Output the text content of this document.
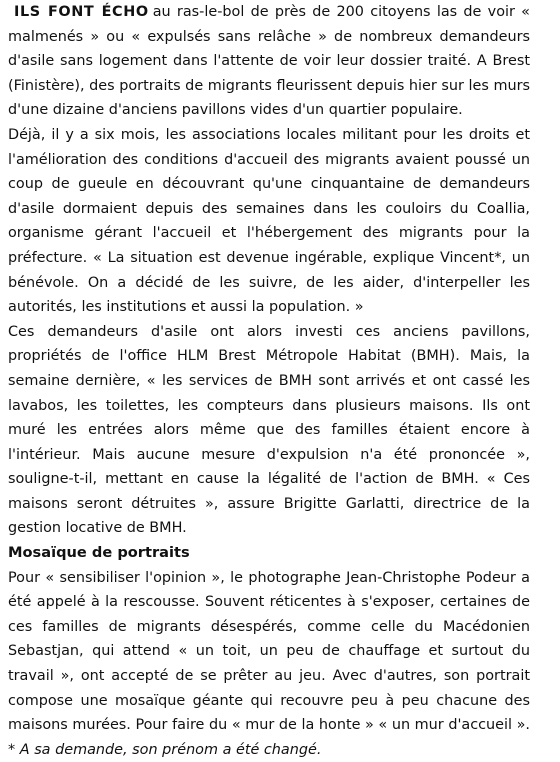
ILS FONT ÉCHO au ras-le-bol de près de 200 citoyens las de voir « malmenés » ou « expulsés sans relâche » de nombreux demandeurs d'asile sans logement dans l'attente de voir leur dossier traité. A Brest (Finistère), des portraits de migrants fleurissent depuis hier sur les murs d'une dizaine d'anciens pavillons vides d'un quartier populaire.

Déjà, il y a six mois, les associations locales militant pour les droits et l'amélioration des conditions d'accueil des migrants avaient poussé un coup de gueule en découvrant qu'une cinquantaine de demandeurs d'asile dormaient depuis des semaines dans les couloirs du Coallia, organisme gérant l'accueil et l'hébergement des migrants pour la préfecture. « La situation est devenue ingérable, explique Vincent*, un bénévole. On a décidé de les suivre, de les aider, d'interpeller les autorités, les institutions et aussi la population. »

Ces demandeurs d'asile ont alors investi ces anciens pavillons, propriétés de l'office HLM Brest Métropole Habitat (BMH). Mais, la semaine dernière, « les services de BMH sont arrivés et ont cassé les lavabos, les toilettes, les compteurs dans plusieurs maisons. Ils ont muré les entrées alors même que des familles étaient encore à l'intérieur. Mais aucune mesure d'expulsion n'a été prononcée », souligne-t-il, mettant en cause la légalité de l'action de BMH. « Ces maisons seront détruites », assure Brigitte Garlatti, directrice de la gestion locative de BMH.

Mosaïque de portraits

Pour « sensibiliser l'opinion », le photographe Jean-Christophe Podeur a été appelé à la rescousse. Souvent réticentes à s'exposer, certaines de ces familles de migrants désespérés, comme celle du Macédonien Sebastjan, qui attend « un toit, un peu de chauffage et surtout du travail », ont accepté de se prêter au jeu. Avec d'autres, son portrait compose une mosaïque géante qui recouvre peu à peu chacune des maisons murées. Pour faire du « mur de la honte » « un mur d'accueil ». * A sa demande, son prénom a été changé.
